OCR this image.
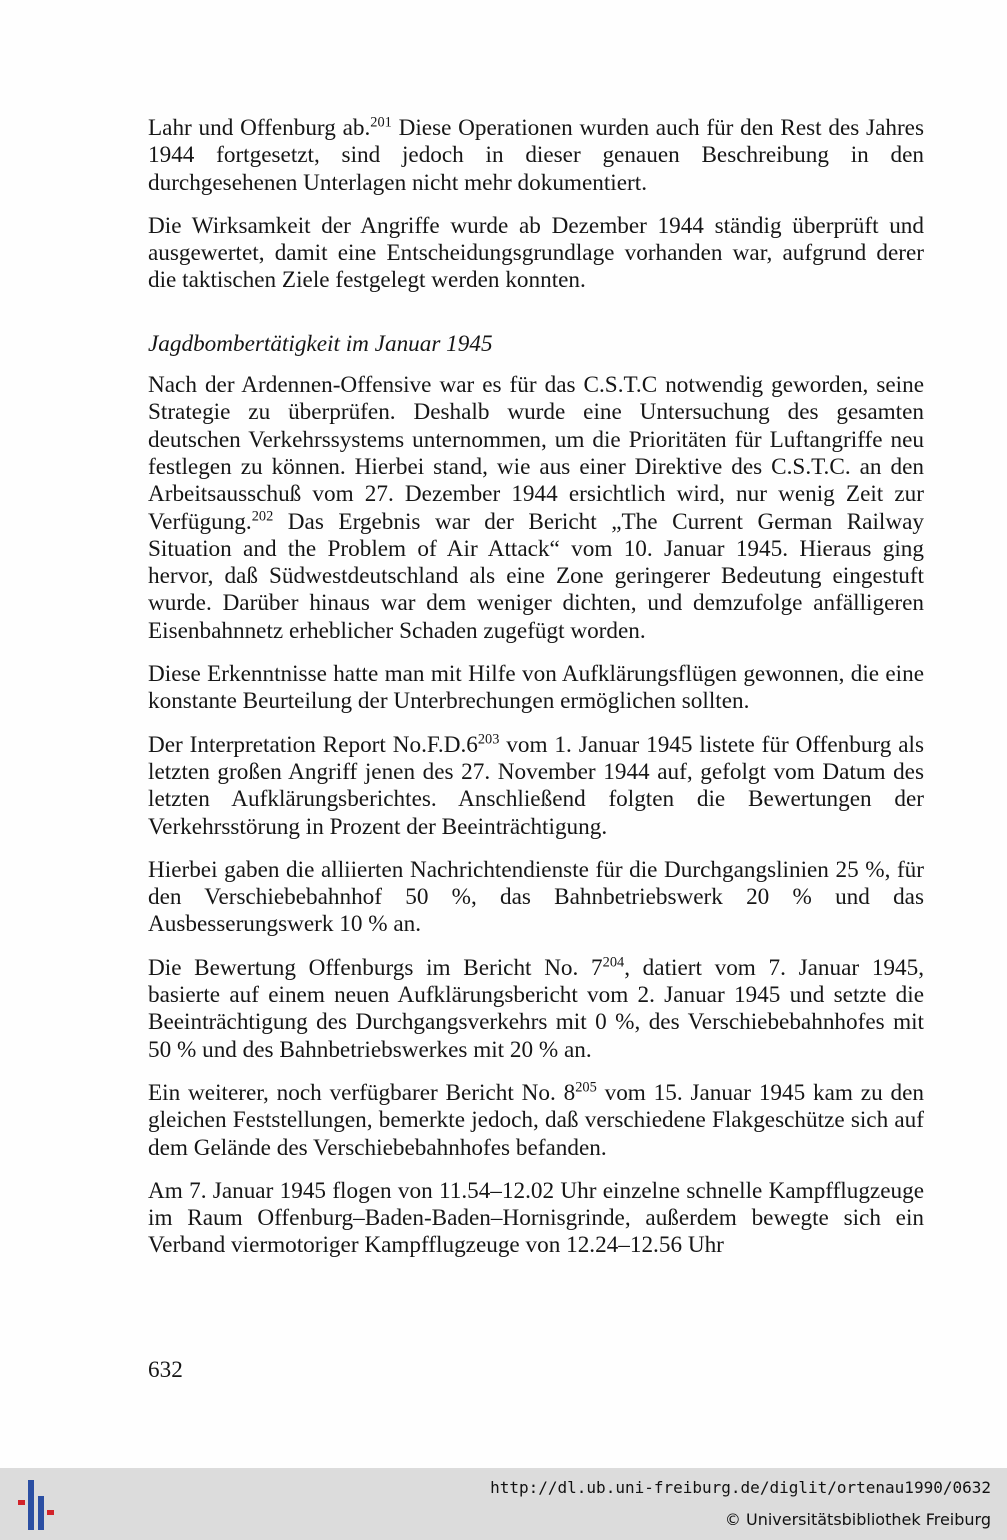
Lahr und Offenburg ab.$^{201}$ Diese Operationen wurden auch für den Rest des Jahres 1944 fortgesetzt, sind jedoch in dieser genauen Beschreibung in den durchgesehenen Unterlagen nicht mehr dokumentiert.

Die Wirksamkeit der Angriffe wurde ab Dezember 1944 ständig überprüft und ausgewertet, damit eine Entscheidungsgrundlage vorhanden war, aufgrund derer die taktischen Ziele festgelegt werden konnten.

Jagdbombertätigkeit im Januar 1945

Nach der Ardennen-Offensive war es für das C.S.T.C notwendig geworden, seine Strategie zu überprüfen. Deshalb wurde eine Untersuchung des gesamten deutschen Verkehrssystems unternommen, um die Prioritäten für Luftangriffe neu festlegen zu können. Hierbei stand, wie aus einer Direktive des C.S.T.C. an den Arbeitsausschuß vom 27. Dezember 1944 ersichtlich wird, nur wenig Zeit zur Verfügung.$^{202}$ Das Ergebnis war der Bericht „The Current German Railway Situation and the Problem of Air Attack“ vom 10. Januar 1945. Hieraus ging hervor, daß Südwestdeutschland als eine Zone geringerer Bedeutung eingestuft wurde. Darüber hinaus war dem weniger dichten, und demzufolge anfälligeren Eisenbahnnetz erheblicher Schaden zugefügt worden.

Diese Erkenntnisse hatte man mit Hilfe von Aufklärungsflügen gewonnen, die eine konstante Beurteilung der Unterbrechungen ermöglichen sollten.

Der Interpretation Report $No.F.D.6^{203}$ vom 1. Januar 1945 listete für Offenburg als letzten großen Angriff jenen des 27. November 1944 auf, gefolgt vom Datum des letzten Aufklärungsberichtes. Anschließend folgten die Bewertungen der Verkehrsstörung in Prozent der Beeinträchtigung.

Hierbei gaben die alliierten Nachrichtendienste für die Durchgangslinien 25 %, für den Verschiebebahnhof 50 %, das Bahnbetriebswerk 20 % und das Ausbesserungswerk 10 % an.

Die Bewertung Offenburgs im Bericht No. $7^{204}$, datiert vom 7. Januar 1945, basierte auf einem neuen Aufklärungsbericht vom 2. Januar 1945 und setzte die Beeinträchtigung des Durchgangsverkehrs mit 0 %, des Verschiebebahnhofes mit 50 % und des Bahnbetriebswerkes mit 20 % an.

Ein weiterer, noch verfügbarer Bericht No. $8^{205}$ vom 15. Januar 1945 kam zu den gleichen Feststellungen, bemerkte jedoch, daß verschiedene Flakgeschütze sich auf dem Gelände des Verschiebebahnhofes befanden.

Am 7. Januar 1945 flogen von 11.54–12.02 Uhr einzelne schnelle Kampfflugzeuge im Raum Offenburg–Baden-Baden–Hornisgrinde, außerdem bewegte sich ein Verband viermotoriger Kampfflugzeuge von 12.24–12.56 Uhr

632
http://dl.ub.uni-freiburg.de/diglit/ortenau1990/0632
© Universitätsbibliothek Freiburg
